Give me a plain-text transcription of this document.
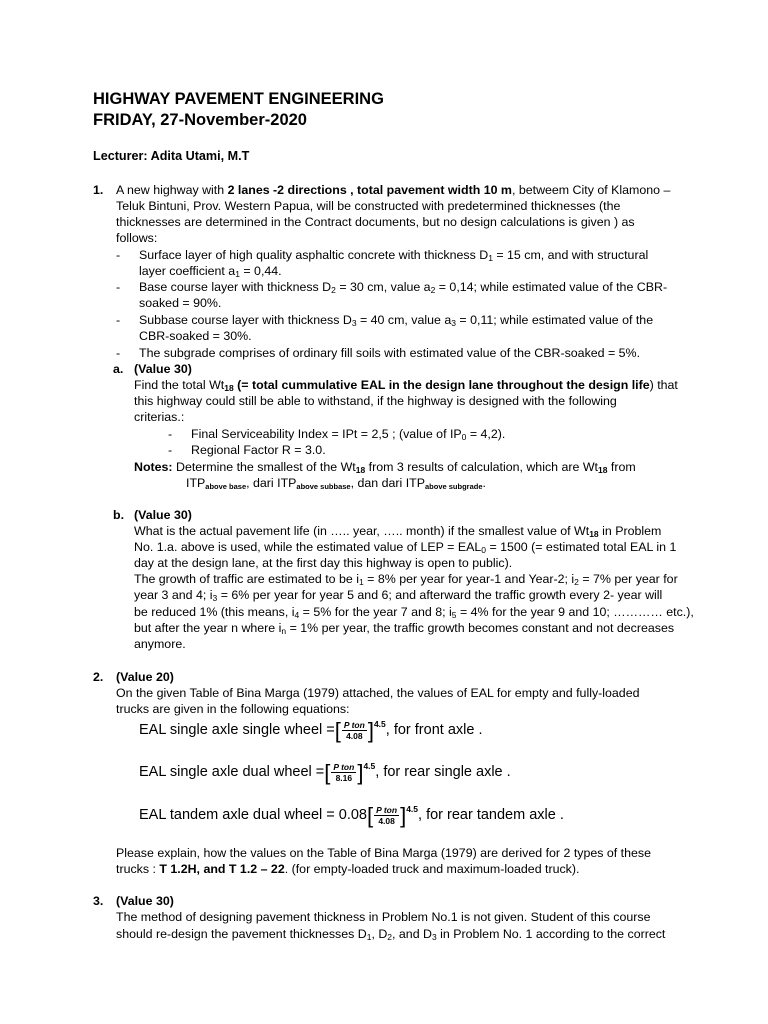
HIGHWAY PAVEMENT ENGINEERING
FRIDAY, 27-November-2020
Lecturer: Adita Utami, M.T
1. A new highway with 2 lanes -2 directions , total pavement width 10 m, betweem City of Klamono –
Teluk Bintuni, Prov. Western Papua, will be constructed with predetermined thicknesses (the
thicknesses are determined in the Contract documents, but no design calculations is given ) as
follows:
- Surface layer of high quality asphaltic concrete with thickness $D_1 = 15$ cm, and with structural
layer coefficient $a_1 = 0,44$.
- Base course layer with thickness $D_2 = 30$ cm, value $a_2 = 0,14$; while estimated value of the CBR-
soaked = 90%.
- Subbase course layer with thickness $D_3 = 40$ cm, value $a_3 = 0,11$; while estimated value of the
CBR-soaked = 30%.
- The subgrade comprises of ordinary fill soils with estimated value of the CBR-soaked = 5%.
a. (Value 30)
Find the total $Wt_{18}$ (= total cummulative EAL in the design lane throughout the design life) that
this highway could still be able to withstand, if the highway is designed with the following
criterias.:
- Final Serviceability Index = IPt = 2,5 ; (value of $IP_0 = 4,2$).
- Regional Factor R = 3.0.
Notes: Determine the smallest of the $Wt_{18}$ from 3 results of calculation, which are $Wt_{18}$ from
ITPabove base, dari ITPabove subbase, dan dari ITPabove subgrade.
b. (Value 30)
What is the actual pavement life (in ….. year, ….. month) if the smallest value of $Wt_{18}$ in Problem
No. 1.a. above is used, while the estimated value of LEP = $EAL_0 = 1500$ (= estimated total EAL in 1
day at the design lane, at the first day this highway is open to public).
The growth of traffic are estimated to be $i_1 = 8\%$ per year for year-1 and Year-2; $i_2 = 7\%$ per year for
year 3 and 4; $i_3 = 6\%$ per year for year 5 and 6; and afterward the traffic growth every 2- year will
be reduced 1% (this means, $i_4 = 5\%$ for the year 7 and 8; $i_5 = 4\%$ for the year 9 and 10; ………… etc.),
but after the year n where $i_n = 1\%$ per year, the traffic growth becomes constant and not decreases
anymore.
2. (Value 20)
On the given Table of Bina Marga (1979) attached, the values of EAL for empty and fully-loaded
trucks are given in the following equations:
EAL single axle single wheel = [ $\frac{\text{P ton}}{4.08}$ ] 4.5 , for front axle .
EAL single axle dual wheel = [ $\frac{\text{P ton}}{8.16}$ ] 4.5 , for rear single axle .
EAL tandem axle dual wheel = 0.08 [ $\frac{\text{P ton}}{4.08}$ ] 4.5 , for rear tandem axle .
Please explain, how the values on the Table of Bina Marga (1979) are derived for 2 types of these
trucks : T 1.2H, and T 1.2 – 22. (for empty-loaded truck and maximum-loaded truck).
3. (Value 30)
The method of designing pavement thickness in Problem No.1 is not given. Student of this course
should re-design the pavement thicknesses $D_1$, $D_2$, and $D_3$ in Problem No. 1 according to the correct
